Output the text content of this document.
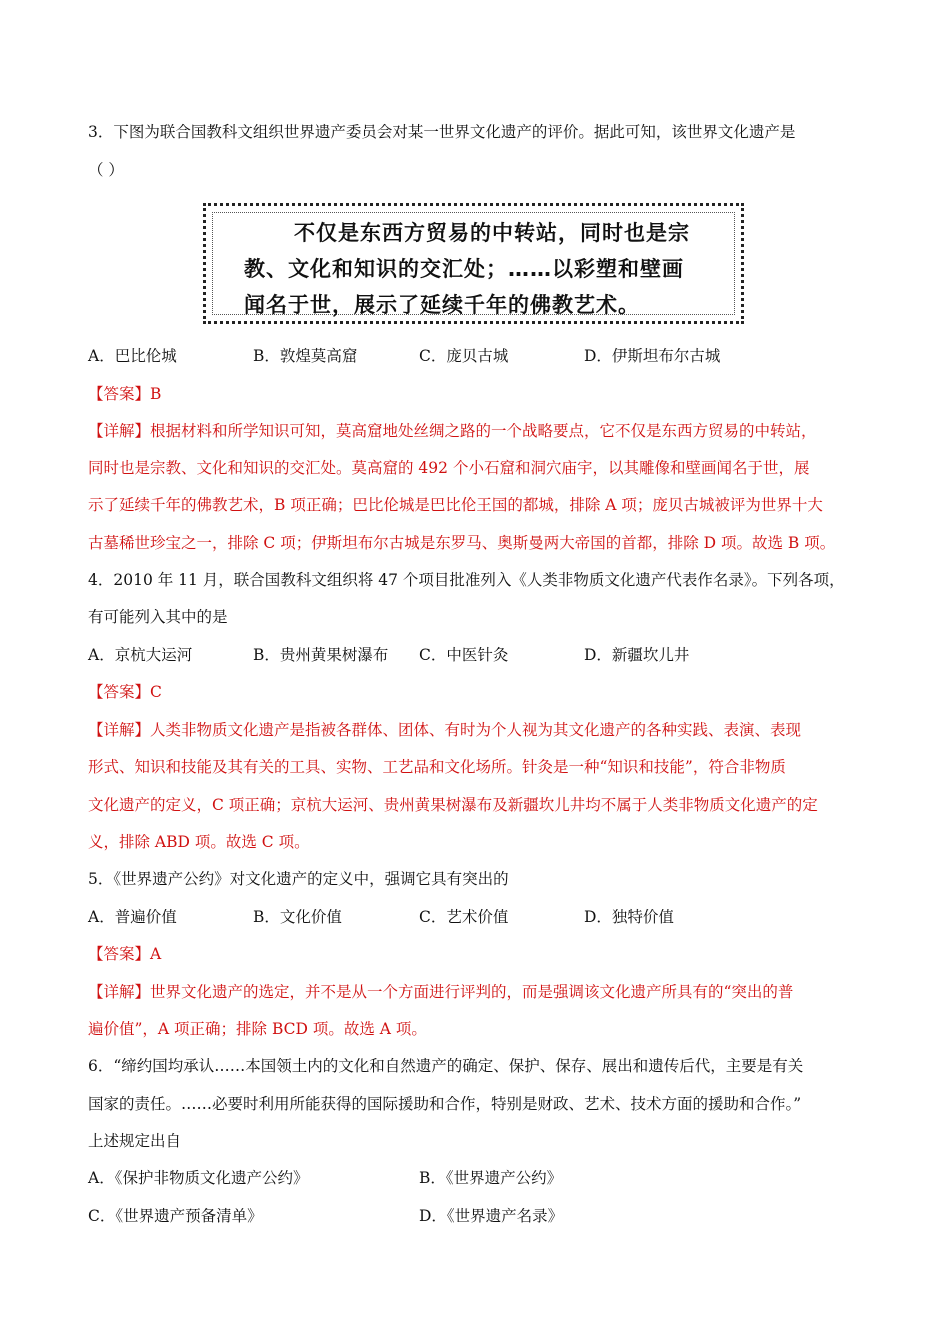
3．下图为联合国教科文组织世界遗产委员会对某一世界文化遗产的评价。据此可知，该世界文化遗产是
（ ）
不仅是东西方贸易的中转站，同时也是宗
教、文化和知识的交汇处；……以彩塑和壁画
闻名于世，展示了延续千年的佛教艺术。
A．巴比伦城	B．敦煌莫高窟	C．庞贝古城	D．伊斯坦布尔古城
【答案】B
【详解】根据材料和所学知识可知，莫高窟地处丝绸之路的一个战略要点，它不仅是东西方贸易的中转站，
同时也是宗教、文化和知识的交汇处。莫高窟的 492 个小石窟和洞穴庙宇，以其雕像和壁画闻名于世，展
示了延续千年的佛教艺术，B 项正确；巴比伦城是巴比伦王国的都城，排除 A 项；庞贝古城被评为世界十大
古墓稀世珍宝之一，排除 C 项；伊斯坦布尔古城是东罗马、奥斯曼两大帝国的首都，排除 D 项。故选 B 项。
4．2010 年 11 月，联合国教科文组织将 47 个项目批准列入《人类非物质文化遗产代表作名录》。下列各项，
有可能列入其中的是
A．京杭大运河	B．贵州黄果树瀑布 C．中医针灸	D．新疆坎儿井
【答案】C
【详解】人类非物质文化遗产是指被各群体、团体、有时为个人视为其文化遗产的各种实践、表演、表现
形式、知识和技能及其有关的工具、实物、工艺品和文化场所。针灸是一种“知识和技能”，符合非物质
文化遗产的定义，C 项正确；京杭大运河、贵州黄果树瀑布及新疆坎儿井均不属于人类非物质文化遗产的定
义，排除 ABD 项。故选 C 项。
5．《世界遗产公约》对文化遗产的定义中，强调它具有突出的
A．普遍价值	B．文化价值	C．艺术价值	D．独特价值
【答案】A
【详解】世界文化遗产的选定，并不是从一个方面进行评判的，而是强调该文化遗产所具有的“突出的普
遍价值”，A 项正确；排除 BCD 项。故选 A 项。
6．“缔约国均承认……本国领土内的文化和自然遗产的确定、保护、保存、展出和遗传后代，主要是有关
国家的责任。……必要时利用所能获得的国际援助和合作，特别是财政、艺术、技术方面的援助和合作。”
上述规定出自
A．《保护非物质文化遗产公约》	B．《世界遗产公约》
C．《世界遗产预备清单》	D．《世界遗产名录》
